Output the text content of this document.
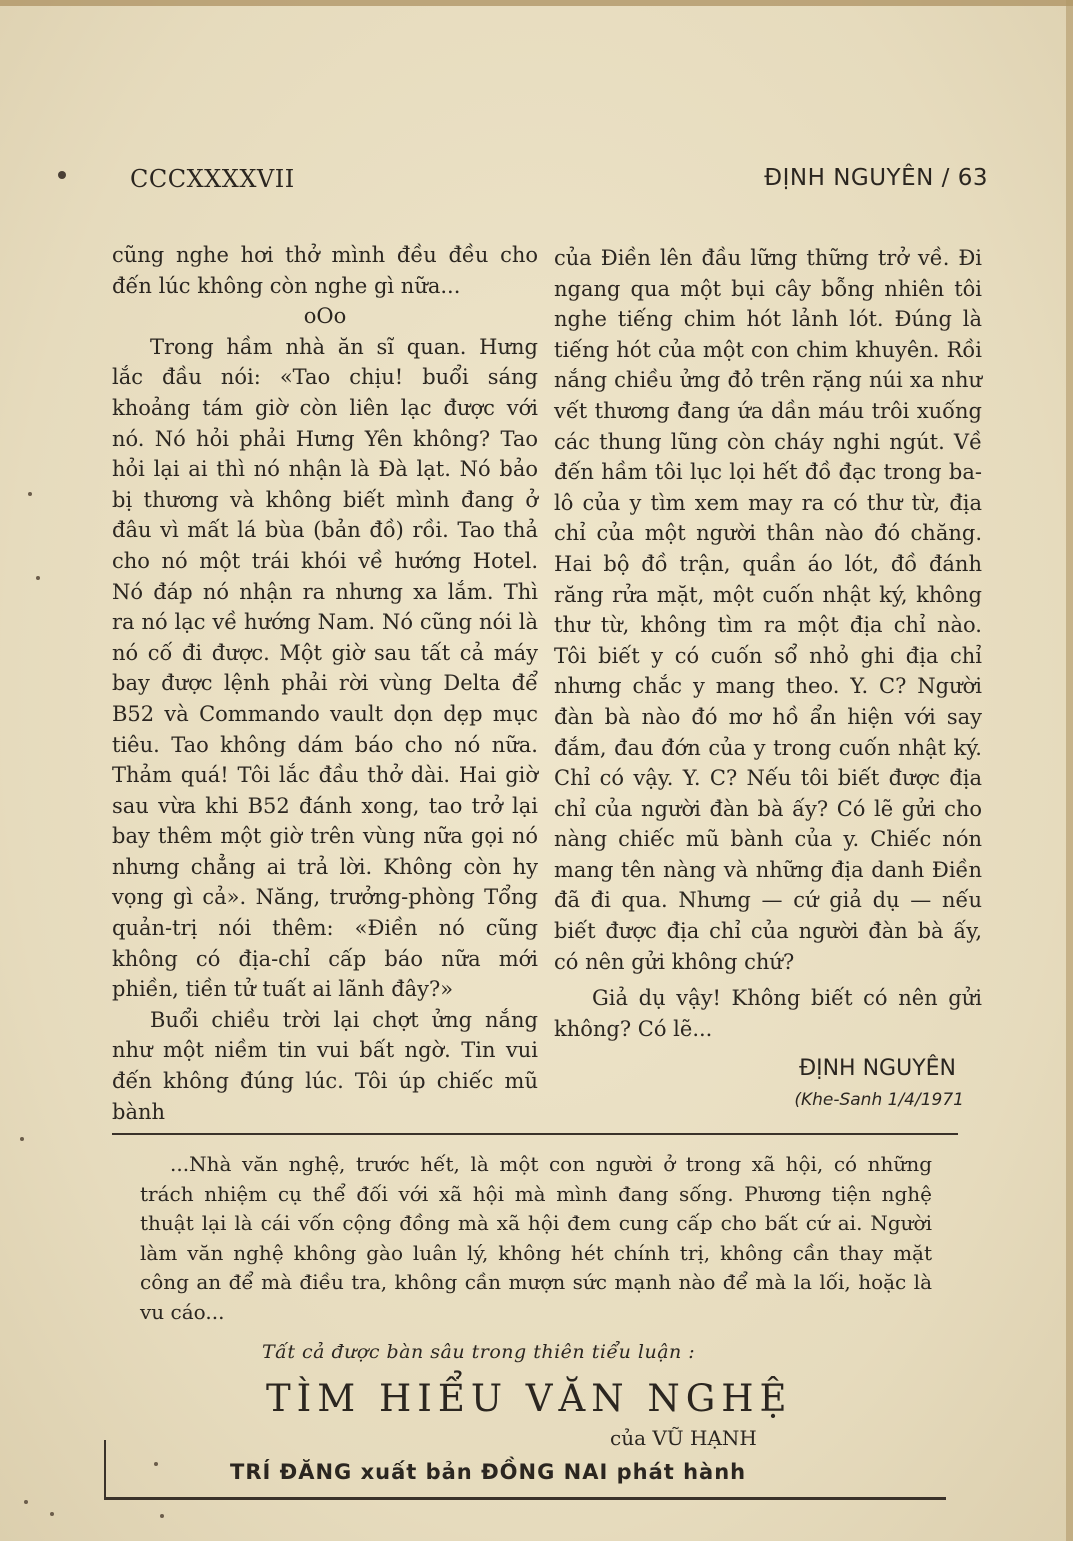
CCCXXXXVII	ĐỊNH NGUYÊN / 63

cũng nghe hơi thở mình đều đều cho đến lúc không còn nghe gì nữa...

oOo

Trong hầm nhà ăn sĩ quan. Hưng lắc đầu nói: «Tao chịu! buổi sáng khoảng tám giờ còn liên lạc được với nó. Nó hỏi phải Hưng Yên không? Tao hỏi lại ai thì nó nhận là Đà lạt. Nó bảo bị thương và không biết mình đang ở đâu vì mất lá bùa (bản đồ) rồi. Tao thả cho nó một trái khói về hướng Hotel. Nó đáp nó nhận ra nhưng xa lắm. Thì ra nó lạc về hướng Nam. Nó cũng nói là nó cố đi được. Một giờ sau tất cả máy bay được lệnh phải rời vùng Delta để B52 và Commando vault dọn dẹp mục tiêu. Tao không dám báo cho nó nữa. Thảm quá! Tôi lắc đầu thở dài. Hai giờ sau vừa khi B52 đánh xong, tao trở lại bay thêm một giờ trên vùng nữa gọi nó nhưng chẳng ai trả lời. Không còn hy vọng gì cả». Năng, trưởng-phòng Tổng quản-trị nói thêm: «Điền nó cũng không có địa-chỉ cấp báo nữa mới phiền, tiền tử tuất ai lãnh đây?»

Buổi chiều trời lại chợt ửng nắng như một niềm tin vui bất ngờ. Tin vui đến không đúng lúc. Tôi úp chiếc mũ bành

của Điền lên đầu lững thững trở về. Đi ngang qua một bụi cây bỗng nhiên tôi nghe tiếng chim hót lảnh lót. Đúng là tiếng hót của một con chim khuyên. Rồi nắng chiều ửng đỏ trên rặng núi xa như vết thương đang ứa dần máu trôi xuống các thung lũng còn cháy nghi ngút. Về đến hầm tôi lục lọi hết đồ đạc trong ba-lô của y tìm xem may ra có thư từ, địa chỉ của một người thân nào đó chăng. Hai bộ đồ trận, quần áo lót, đồ đánh răng rửa mặt, một cuốn nhật ký, không thư từ, không tìm ra một địa chỉ nào. Tôi biết y có cuốn sổ nhỏ ghi địa chỉ nhưng chắc y mang theo. Y. C? Người đàn bà nào đó mơ hồ ẩn hiện với say đắm, đau đớn của y trong cuốn nhật ký. Chỉ có vậy. Y. C? Nếu tôi biết được địa chỉ của người đàn bà ấy? Có lẽ gửi cho nàng chiếc mũ bành của y. Chiếc nón mang tên nàng và những địa danh Điền đã đi qua. Nhưng — cứ giả dụ — nếu biết được địa chỉ của người đàn bà ấy, có nên gửi không chứ?

Giả dụ vậy! Không biết có nên gửi không? Có lẽ...

ĐỊNH NGUYÊN
(Khe-Sanh 1/4/1971

...Nhà văn nghệ, trước hết, là một con người ở trong xã hội, có những trách nhiệm cụ thể đối với xã hội mà mình đang sống. Phương tiện nghệ thuật lại là cái vốn cộng đồng mà xã hội đem cung cấp cho bất cứ ai. Người làm văn nghệ không gào luân lý, không hét chính trị, không cần thay mặt công an để mà điều tra, không cần mượn sức mạnh nào để mà la lối, hoặc là vu cáo...

Tất cả được bàn sâu trong thiên tiểu luận :
TÌM HIỂU VĂN NGHỆ
của VŨ HẠNH
TRÍ ĐĂNG xuất bản ĐỒNG NAI phát hành
